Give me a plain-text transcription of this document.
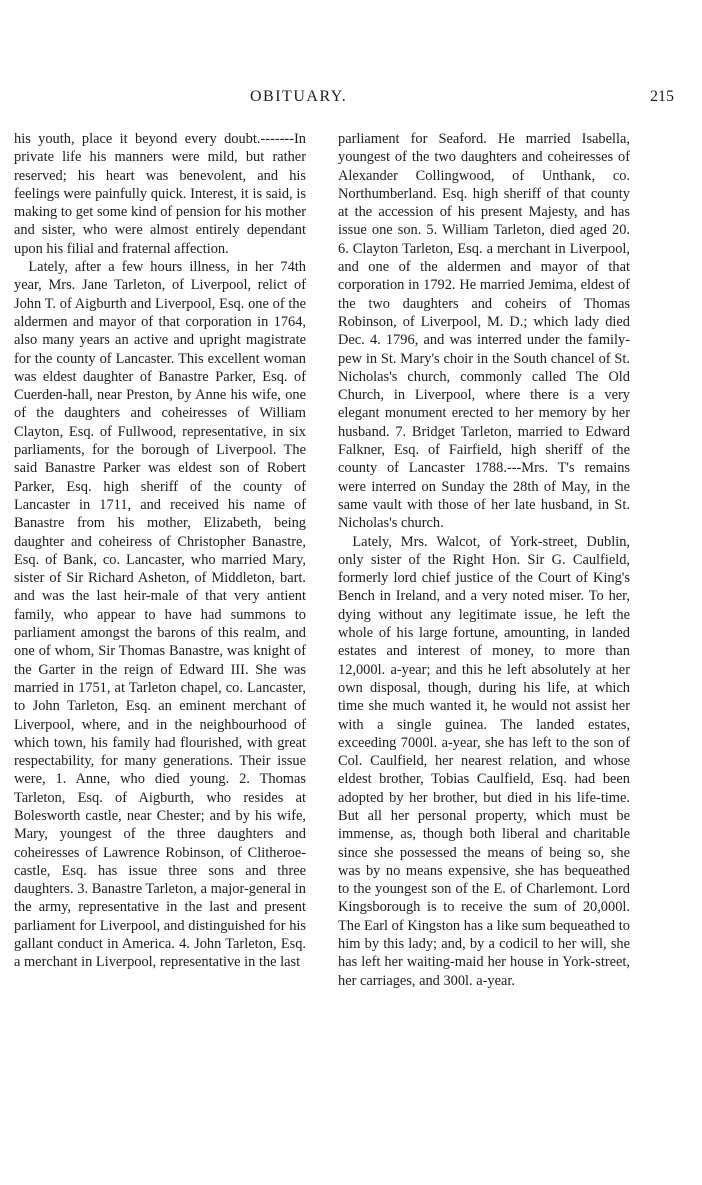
OBITUARY.	215

his youth, place it beyond every doubt.-------In private life his manners were mild, but rather reserved; his heart was benevolent, and his feelings were painfully quick. Interest, it is said, is making to get some kind of pension for his mother and sister, who were almost entirely dependant upon his filial and fraternal affection.

Lately, after a few hours illness, in her 74th year, Mrs. Jane Tarleton, of Liverpool, relict of John T. of Aigburth and Liverpool, Esq. one of the aldermen and mayor of that corporation in 1764, also many years an active and upright magistrate for the county of Lancaster. This excellent woman was eldest daughter of Banastre Parker, Esq. of Cuerden-hall, near Preston, by Anne his wife, one of the daughters and coheiresses of William Clayton, Esq. of Fullwood, representative, in six parliaments, for the borough of Liverpool. The said Banastre Parker was eldest son of Robert Parker, Esq. high sheriff of the county of Lancaster in 1711, and received his name of Banastre from his mother, Elizabeth, being daughter and coheiress of Christopher Banastre, Esq. of Bank, co. Lancaster, who married Mary, sister of Sir Richard Asheton, of Middleton, bart. and was the last heir-male of that very antient family, who appear to have had summons to parliament amongst the barons of this realm, and one of whom, Sir Thomas Banastre, was knight of the Garter in the reign of Edward III. She was married in 1751, at Tarleton chapel, co. Lancaster, to John Tarleton, Esq. an eminent merchant of Liverpool, where, and in the neighbourhood of which town, his family had flourished, with great respectability, for many generations. Their issue were, 1. Anne, who died young. 2. Thomas Tarleton, Esq. of Aigburth, who resides at Bolesworth castle, near Chester; and by his wife, Mary, youngest of the three daughters and coheiresses of Lawrence Robinson, of Clitheroe-castle, Esq. has issue three sons and three daughters. 3. Banastre Tarleton, a major-general in the army, representative in the last and present parliament for Liverpool, and distinguished for his gallant conduct in America. 4. John Tarleton, Esq. a merchant in Liverpool, representative in the last

parliament for Seaford. He married Isabella, youngest of the two daughters and coheiresses of Alexander Collingwood, of Unthank, co. Northumberland. Esq. high sheriff of that county at the accession of his present Majesty, and has issue one son. 5. William Tarleton, died aged 20. 6. Clayton Tarleton, Esq. a merchant in Liverpool, and one of the aldermen and mayor of that corporation in 1792. He married Jemima, eldest of the two daughters and coheirs of Thomas Robinson, of Liverpool, M. D.; which lady died Dec. 4. 1796, and was interred under the family-pew in St. Mary's choir in the South chancel of St. Nicholas's church, commonly called The Old Church, in Liverpool, where there is a very elegant monument erected to her memory by her husband. 7. Bridget Tarleton, married to Edward Falkner, Esq. of Fairfield, high sheriff of the county of Lancaster 1788.---Mrs. T's remains were interred on Sunday the 28th of May, in the same vault with those of her late husband, in St. Nicholas's church.

Lately, Mrs. Walcot, of York-street, Dublin, only sister of the Right Hon. Sir G. Caulfield, formerly lord chief justice of the Court of King's Bench in Ireland, and a very noted miser. To her, dying without any legitimate issue, he left the whole of his large fortune, amounting, in landed estates and interest of money, to more than 12,000l. a-year; and this he left absolutely at her own disposal, though, during his life, at which time she much wanted it, he would not assist her with a single guinea. The landed estates, exceeding 7000l. a-year, she has left to the son of Col. Caulfield, her nearest relation, and whose eldest brother, Tobias Caulfield, Esq. had been adopted by her brother, but died in his life-time. But all her personal property, which must be immense, as, though both liberal and charitable since she possessed the means of being so, she was by no means expensive, she has bequeathed to the youngest son of the E. of Charlemont. Lord Kingsborough is to receive the sum of 20,000l. The Earl of Kingston has a like sum bequeathed to him by this lady; and, by a codicil to her will, she has left her waiting-maid her house in York-street, her carriages, and 300l. a-year.
